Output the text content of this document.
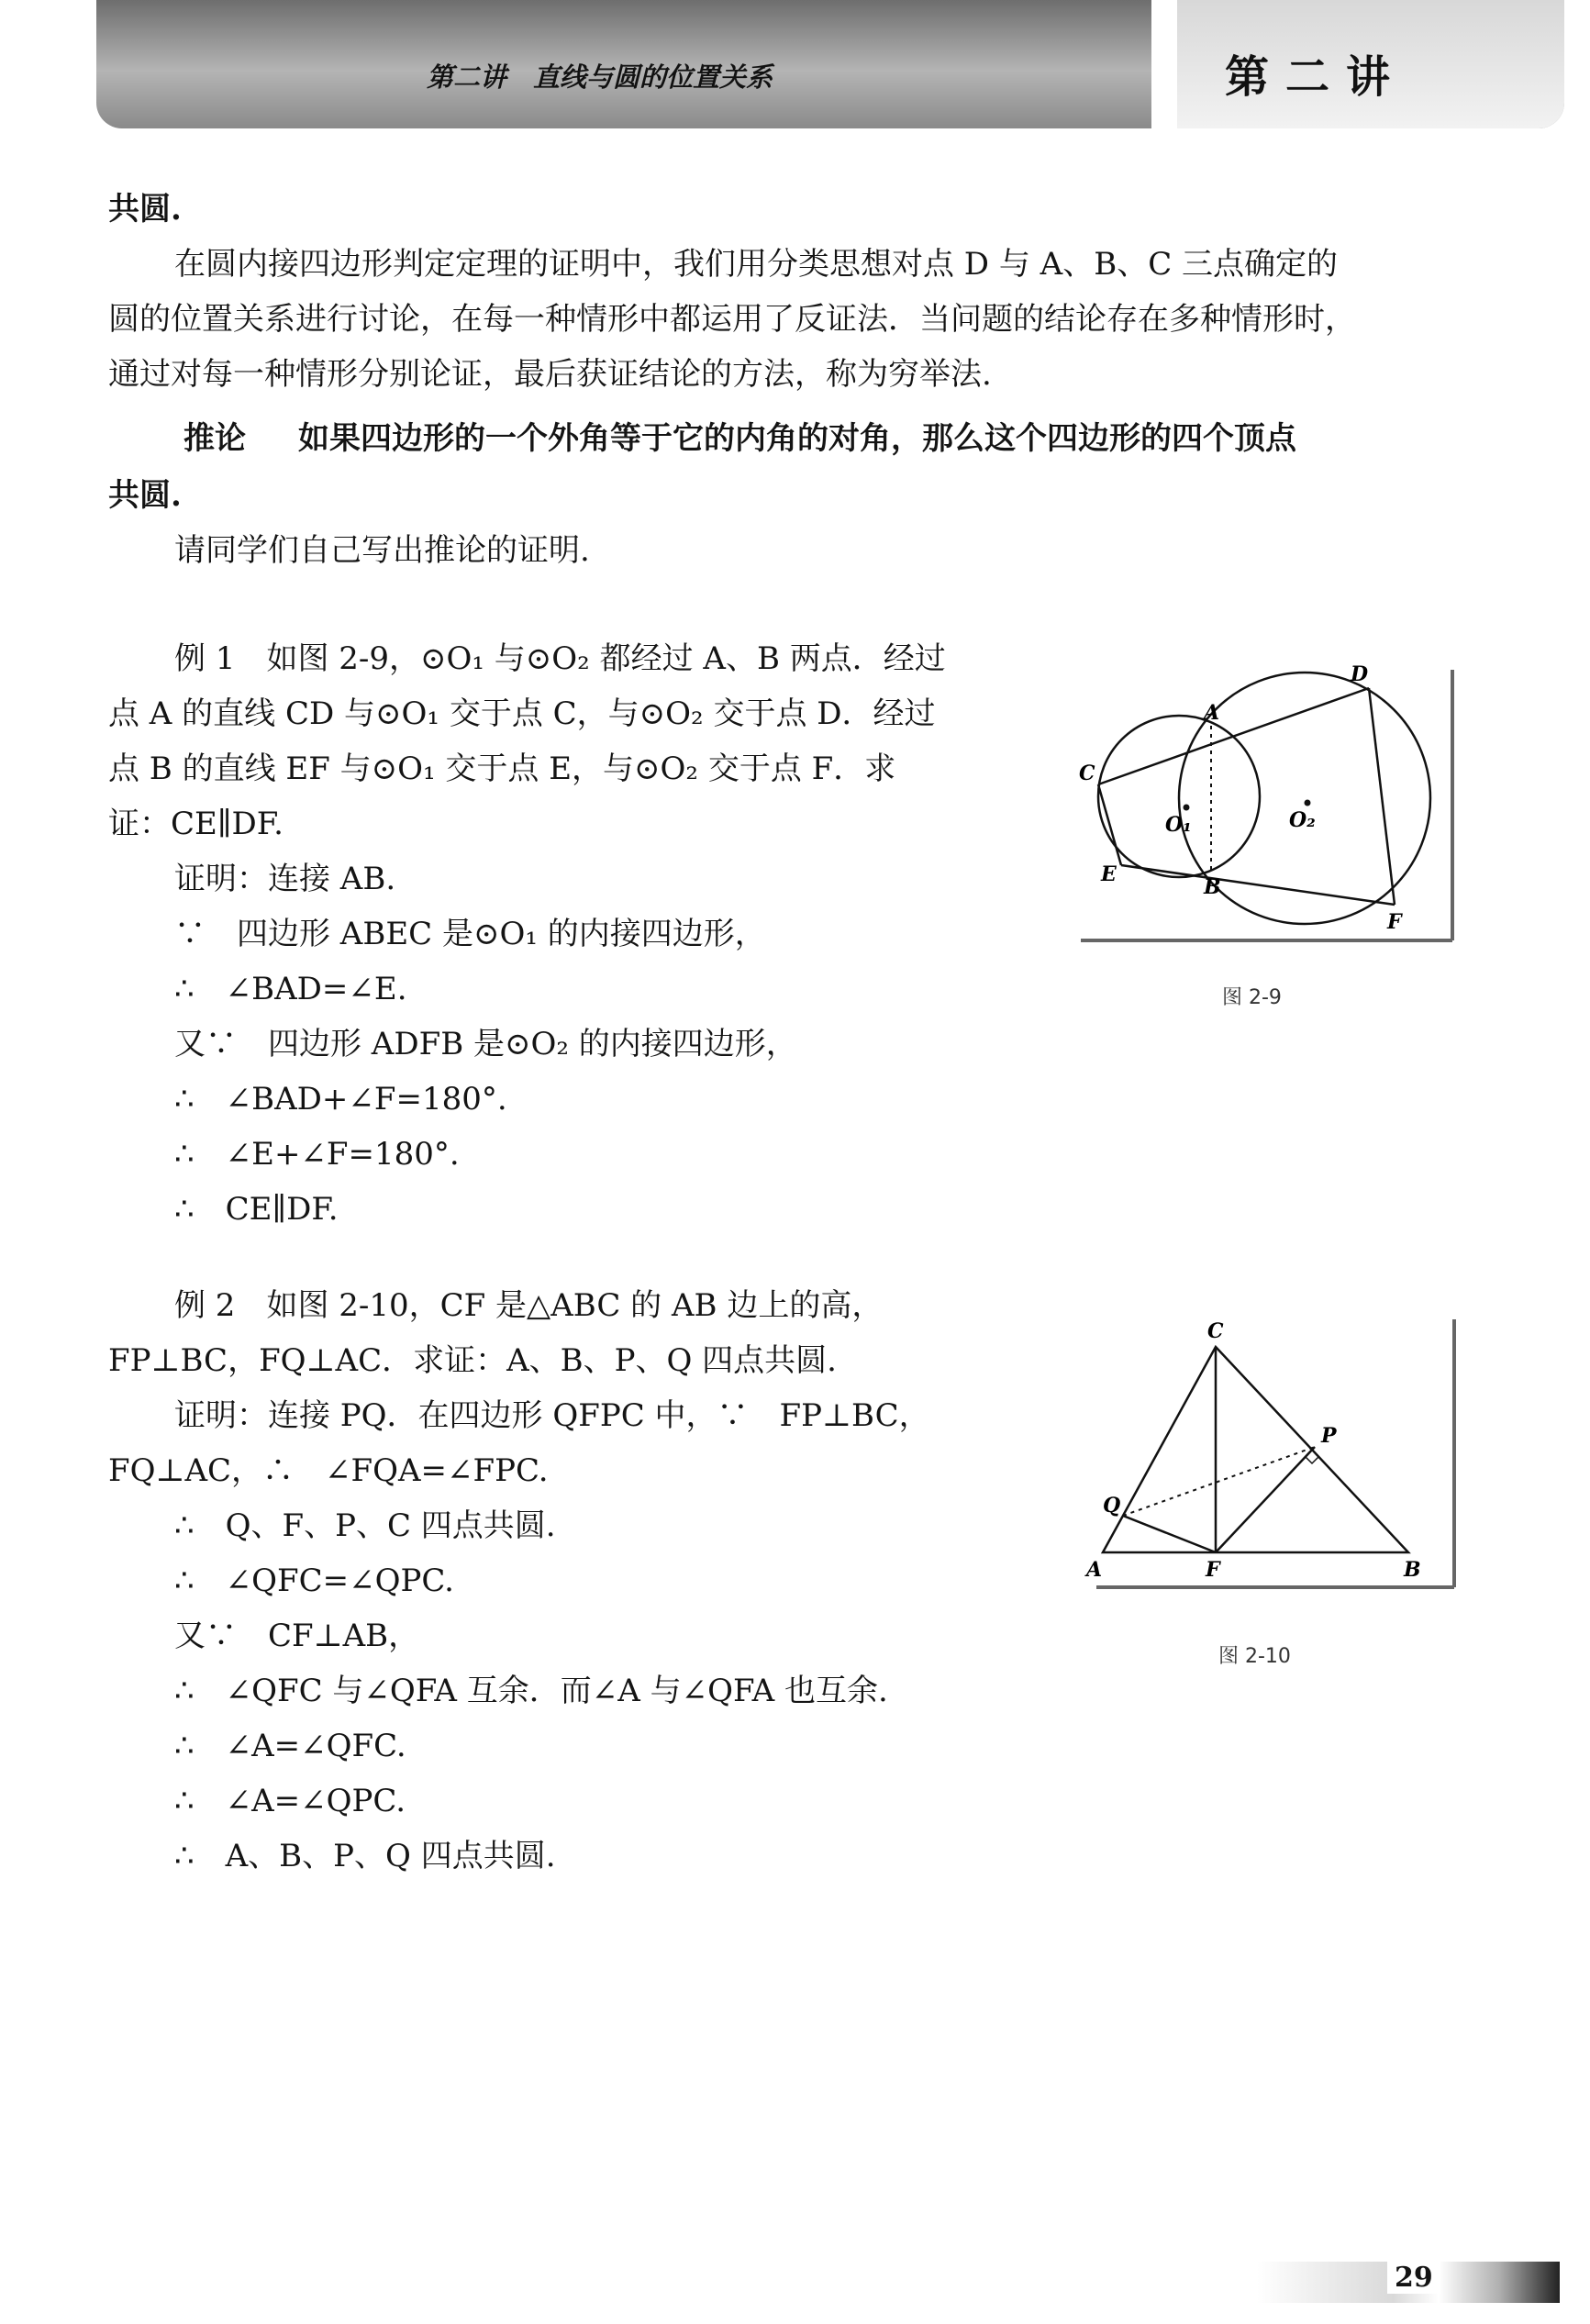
第二讲　直线与圆的位置关系	第二讲
共圆.
在圆内接四边形判定定理的证明中，我们用分类思想对点 D 与 A、B、C 三点确定的
圆的位置关系进行讨论，在每一种情形中都运用了反证法．当问题的结论存在多种情形时，
通过对每一种情形分别论证，最后获证结论的方法，称为穷举法.
推论 如果四边形的一个外角等于它的内角的对角，那么这个四边形的四个顶点
共圆.
请同学们自己写出推论的证明.
例 1　如图 2-9，⊙O₁ 与⊙O₂ 都经过 A、B 两点．经过
点 A 的直线 CD 与⊙O₁ 交于点 C，与⊙O₂ 交于点 D．经过
点 B 的直线 EF 与⊙O₁ 交于点 E，与⊙O₂ 交于点 F．求
证：CE∥DF.
证明：连接 AB.
∵　四边形 ABEC 是⊙O₁ 的内接四边形，
∴　∠BAD=∠E.
又∵　四边形 ADFB 是⊙O₂ 的内接四边形，
∴　∠BAD+∠F=180°.
∴　∠E+∠F=180°.
∴　CE∥DF.
A
B
C
D
E
F
O₁	O₂
图 2-9
例 2　如图 2-10，CF 是△ABC 的 AB 边上的高，
FP⊥BC，FQ⊥AC．求证：A、B、P、Q 四点共圆.
证明：连接 PQ．在四边形 QFPC 中，∵　FP⊥BC，
FQ⊥AC，∴　∠FQA=∠FPC.
∴　Q、F、P、C 四点共圆.
∴　∠QFC=∠QPC.
又∵　CF⊥AB，
∴　∠QFC 与∠QFA 互余．而∠A 与∠QFA 也互余.
∴　∠A=∠QFC.
∴　∠A=∠QPC.
∴　A、B、P、Q 四点共圆.
C
P
Q
A	F	B
图 2-10
29
